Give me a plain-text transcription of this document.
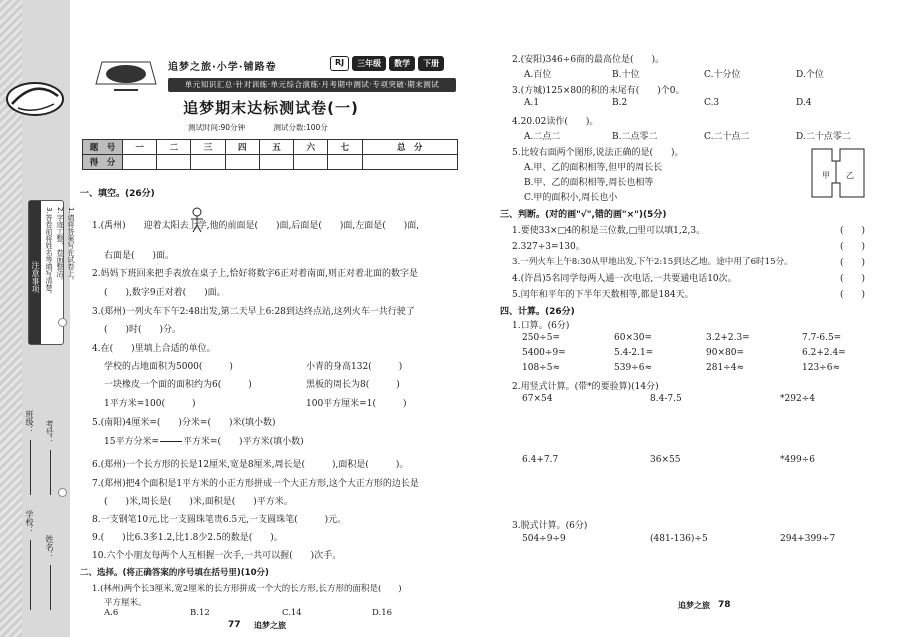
注意事项	1.请将答案写在试卷上。
2.字迹工整、卷面整洁。
3.答卷前将姓名等填写清楚。
学校：
班级：
姓名：
考号：
追梦之旅·小学·铺路卷	RJ	三年级	数学	下册
单元知识汇总·针对训练·单元综合演练·月考期中测试·专项突破·期末测试
追梦期末达标测试卷(一)
测试时间:90分钟	测试分数:100分
题　号	一	二	三	四	五	六	七	总　分
得　分								
一、填空。(26分)
1.(禹州)　　迎着太阳去上学,他的前面是(　　)面,后面是(　　)面,左面是(　　)面,
右面是(　　)面。
2.妈妈下班回来把手表放在桌子上,恰好将数字6正对着南面,则正对着北面的数字是
(　　),数字9正对着(　　)面。
3.(郑州)一列火车下午2:48出发,第二天早上6:28到达终点站,这列火车一共行驶了
(　　)时(　　)分。
4.在(　　)里填上合适的单位。
学校的占地面积为5000(　　　)	小青的身高132(　　　)
一块橡皮一个面的面积约为6(　　　)	黑板的周长为8(　　　)
1平方米=100(　　　)	100平方厘米=1(　　　)
5.(南阳)4厘米=(　　)分米=(　　)米(填小数)
15平方分米=	平方米=(　　)平方米(填小数)
6.(郑州)一个长方形的长是12厘米,宽是8厘米,周长是(　　　),面积是(　　　)。
7.(郑州)把4个面积是1平方米的小正方形拼成一个大正方形,这个大正方形的边长是
(　　)米,周长是(　　)米,面积是(　　)平方米。
8.一支钢笔10元,比一支圆珠笔贵6.5元,一支圆珠笔(　　　)元。
9.(　　)比6.3多1.2,比1.8少2.5的数是(　　)。
10.六个小朋友每两个人互相握一次手,一共可以握(　　)次手。
二、选择。(将正确答案的序号填在括号里)(10分)
1.(林州)两个长3厘米,宽2厘米的长方形拼成一个大的长方形,长方形的面积是(　　)
77 追梦之旅
2.(安阳)346÷6商的最高位是(　　)。
A.百位	B.十位	C.十分位	D.个位
3.(方城)125×80的积的末尾有(　　)个0。
A.1	B.2	C.3	D.4
4.20.02读作(　　)。
A.二点二	B.二点零二	C.二十点二	D.二十点零二
5.比较右面两个图形,说法正确的是(　　)。
A.甲、乙的面积相等,但甲的周长长
B.甲、乙的面积相等,周长也相等
C.甲的面积小,周长也小
甲 乙
三、判断。(对的画"√",错的画"×")(5分)
1.要使33×□4的积是三位数,□里可以填1,2,3。	(　　)
2.327÷3=130。	(　　)
3.一列火车上午8:30从甲地出发,下午2:15到达乙地。途中用了6时15分。	(　　)
4.(许昌)5名同学每两人通一次电话,一共要通电话10次。	(　　)
5.闰年和平年的下半年天数相等,都是184天。	(　　)
四、计算。(26分)
1.口算。(6分)
250÷5=	60×30=	3.2+2.3=	7.7-6.5=
5400÷9=	5.4-2.1=	90×80=	6.2+2.4=
108÷5≈	539÷6≈	281÷4≈	123÷6≈
2.用竖式计算。(带*的要验算)(14分)
67×54	8.4-7.5	*292÷4
6.4+7.7	36×55	*499÷6
3.脱式计算。(6分)
504÷9÷9	(481-136)÷5	294+399÷7
追梦之旅 78
平方厘米。
A.6	B.12	C.14	D.16
